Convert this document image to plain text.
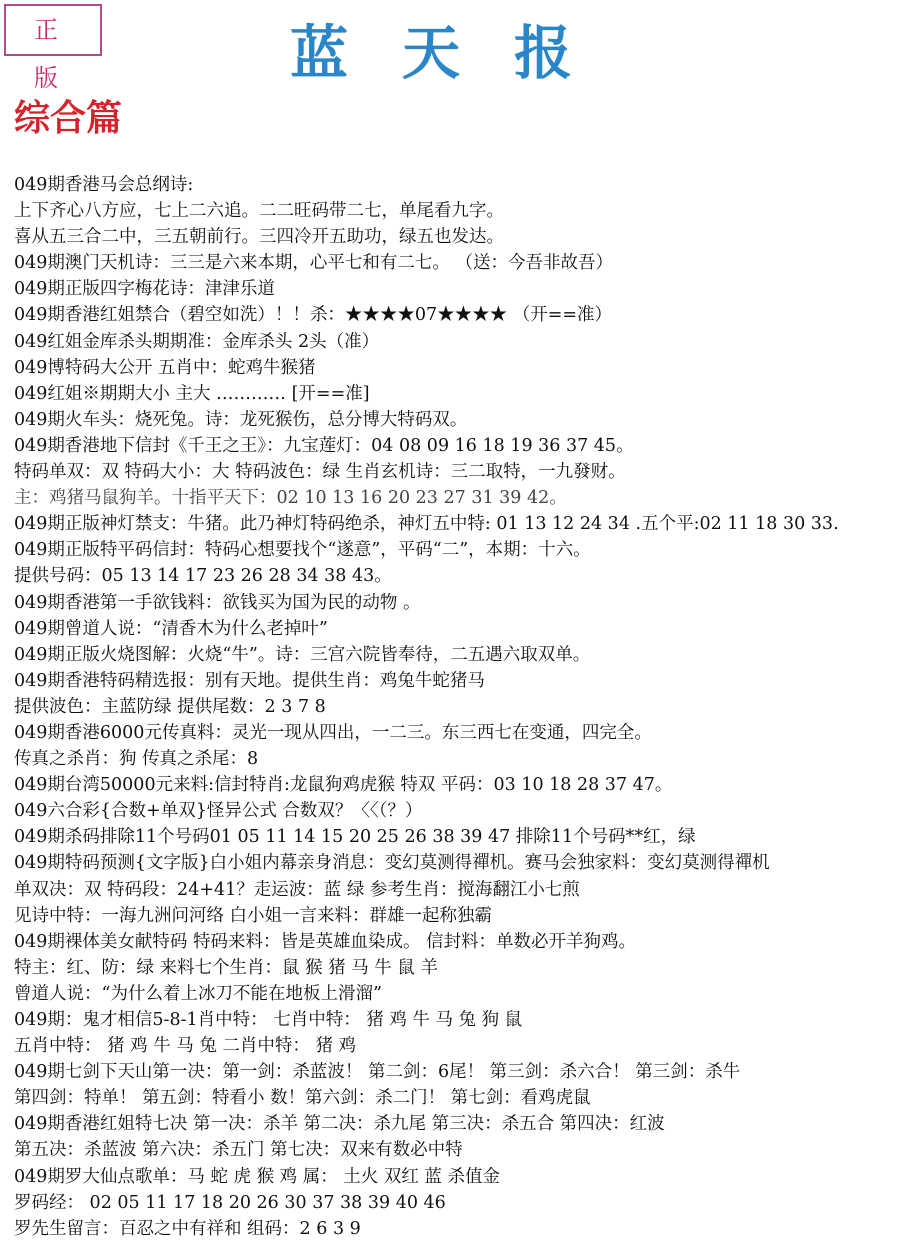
正 版	蓝天报
综合篇
049期香港马会总纲诗:
上下齐心八方应，七上二六追。二二旺码带二七，单尾看九字。
喜从五三合二中，三五朝前行。三四冷开五助功，绿五也发达。
049期澳门天机诗：三三是六来本期，心平七和有二七。 （送：今吾非故吾）
049期正版四字梅花诗：津津乐道
049期香港红姐禁合（碧空如洗）！！杀：★★★★07★★★★ （开==准）
049红姐金库杀头期期准：金库杀头 2头（准）
049博特码大公开 五肖中：蛇鸡牛猴猪
049红姐※期期大小 主大 ………… [开==准]
049期火车头：烧死兔。诗：龙死猴伤，总分博大特码双。
049期香港地下信封《千王之王》：九宝莲灯：04 08 09 16 18 19 36 37 45。
特码单双：双 特码大小：大 特码波色：绿 生肖玄机诗：三二取特，一九發财。
主：鸡猪马鼠狗羊。十指平天下：02 10 13 16 20 23 27 31 39 42。
049期正版神灯禁支：牛猪。此乃神灯特码绝杀，神灯五中特: 01 13 12 24 34 .五个平:02 11 18 30 33.
049期正版特平码信封：特码心想要找个“遂意”，平码“二”，本期：十六。
提供号码：05 13 14 17 23 26 28 34 38 43。
049期香港第一手欲钱料：欲钱买为国为民的动物 。
049期曾道人说：“清香木为什么老掉叶”
049期正版火烧图解：火烧“牛”。诗：三宫六院皆奉待，二五遇六取双单。
049期香港特码精选报：别有天地。提供生肖：鸡兔牛蛇猪马
提供波色：主蓝防绿 提供尾数：2 3 7 8
049期香港6000元传真料：灵光一现从四出，一二三。东三西七在变通，四完全。
传真之杀肖：狗 传真之杀尾：8
049期台湾50000元来料:信封特肖:龙鼠狗鸡虎猴 特双 平码：03 10 18 28 37 47。
049六合彩{合数+单双}怪异公式 合数双？〈〈（？）
049期杀码排除11个号码01 05 11 14 15 20 25 26 38 39 47 排除11个号码**红，绿
049期特码预测{文字版}白小姐内幕亲身消息：变幻莫测得禪机。赛马会独家料：变幻莫测得禪机
单双决：双 特码段：24+41？走运波：蓝 绿 参考生肖：搅海翻江小七煎
见诗中特：一海九洲问河络 白小姐一言来料：群雄一起称独霸
049期裸体美女献特码 特码来料：皆是英雄血染成。 信封料：单数必开羊狗鸡。
特主：红、防：绿 来料七个生肖：鼠 猴 猪 马 牛 鼠 羊
曾道人说：“为什么着上冰刀不能在地板上滑溜”
049期：鬼才相信5-8-1肖中特： 七肖中特： 猪 鸡 牛 马 兔 狗 鼠
五肖中特： 猪 鸡 牛 马 兔 二肖中特： 猪 鸡
049期七剑下天山第一决：第一剑：杀蓝波！ 第二剑：6尾！ 第三剑：杀六合！ 第三剑：杀牛
第四剑：特单！ 第五剑：特看小 数！第六剑：杀二门！ 第七剑：看鸡虎鼠
049期香港红姐特七决 第一决：杀羊 第二决：杀九尾 第三决：杀五合 第四决：红波
第五决：杀蓝波 第六决：杀五门 第七决：双来有数必中特
049期罗大仙点歌单：马 蛇 虎 猴 鸡 属： 土火 双红 蓝 杀值金
罗码经： 02 05 11 17 18 20 26 30 37 38 39 40 46
罗先生留言：百忍之中有祥和 组码：2 6 3 9
